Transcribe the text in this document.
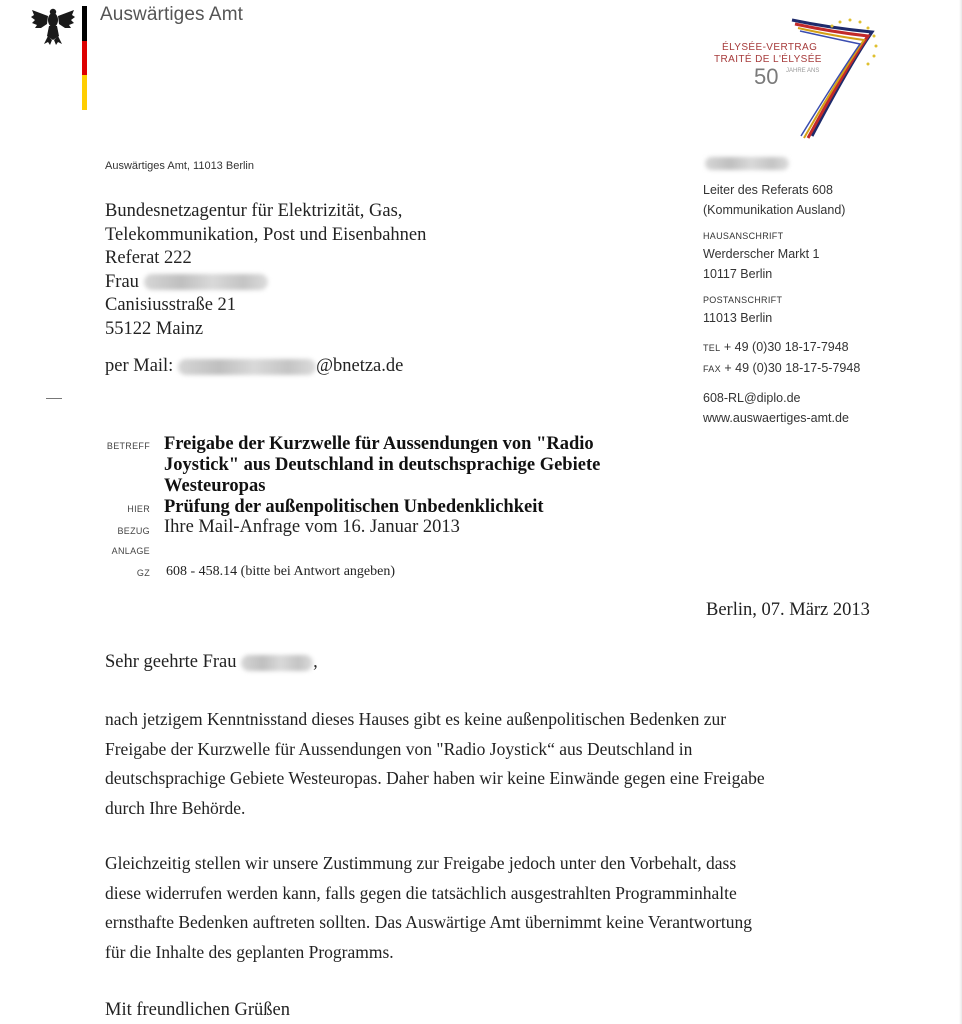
Auswärtiges Amt
ÉLYSÉE-VERTRAG
TRAITÉ DE L'ÉLYSÉE
50 JAHRE ANS
Auswärtiges Amt, 11013 Berlin
Bundesnetzagentur für Elektrizität, Gas,
Telekommunikation, Post und Eisenbahnen
Referat 222
Frau
Canisiusstraße 21
55122 Mainz
per Mail:	@bnetza.de
Leiter des Referats 608
(Kommunikation Ausland)
HAUSANSCHRIFT
Werderscher Markt 1
10117 Berlin
POSTANSCHRIFT
11013 Berlin
TEL + 49 (0)30 18-17-7948
FAX + 49 (0)30 18-17-5-7948
608-RL@diplo.de
www.auswaertiges-amt.de
BETREFF Freigabe der Kurzwelle für Aussendungen von "Radio
Joystick" aus Deutschland in deutschsprachige Gebiete
Westeuropas
HIER Prüfung der außenpolitischen Unbedenklichkeit
BEZUG Ihre Mail-Anfrage vom 16. Januar 2013
ANLAGE
GZ 608 - 458.14 (bitte bei Antwort angeben)
Berlin, 07. März 2013
Sehr geehrte Frau	,
nach jetzigem Kenntnisstand dieses Hauses gibt es keine außenpolitischen Bedenken zur
Freigabe der Kurzwelle für Aussendungen von "Radio Joystick“ aus Deutschland in
deutschsprachige Gebiete Westeuropas. Daher haben wir keine Einwände gegen eine Freigabe
durch Ihre Behörde.
Gleichzeitig stellen wir unsere Zustimmung zur Freigabe jedoch unter den Vorbehalt, dass
diese widerrufen werden kann, falls gegen die tatsächlich ausgestrahlten Programminhalte
ernsthafte Bedenken auftreten sollten. Das Auswärtige Amt übernimmt keine Verantwortung
für die Inhalte des geplanten Programms.
Mit freundlichen Grüßen
